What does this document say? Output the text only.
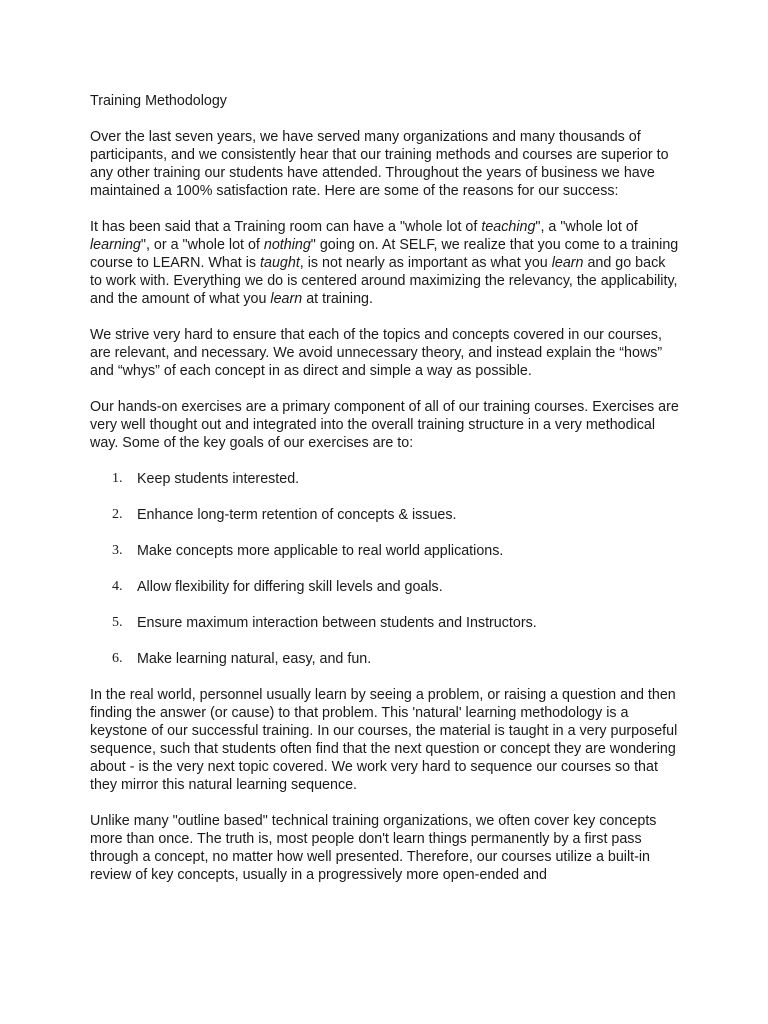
Training Methodology

Over the last seven years, we have served many organizations and many thousands of participants, and we consistently hear that our training methods and courses are superior to any other training our students have attended. Throughout the years of business we have maintained a 100% satisfaction rate. Here are some of the reasons for our success:

It has been said that a Training room can have a "whole lot of teaching", a "whole lot of learning", or a "whole lot of nothing" going on. At SELF, we realize that you come to a training course to LEARN. What is taught, is not nearly as important as what you learn and go back to work with. Everything we do is centered around maximizing the relevancy, the applicability, and the amount of what you learn at training.

We strive very hard to ensure that each of the topics and concepts covered in our courses, are relevant, and necessary. We avoid unnecessary theory, and instead explain the “hows” and “whys” of each concept in as direct and simple a way as possible.

Our hands-on exercises are a primary component of all of our training courses. Exercises are very well thought out and integrated into the overall training structure in a very methodical way. Some of the key goals of our exercises are to:

1. Keep students interested.
2. Enhance long-term retention of concepts & issues.
3. Make concepts more applicable to real world applications.
4. Allow flexibility for differing skill levels and goals.
5. Ensure maximum interaction between students and Instructors.
6. Make learning natural, easy, and fun.

In the real world, personnel usually learn by seeing a problem, or raising a question and then finding the answer (or cause) to that problem. This 'natural' learning methodology is a keystone of our successful training. In our courses, the material is taught in a very purposeful sequence, such that students often find that the next question or concept they are wondering about - is the very next topic covered. We work very hard to sequence our courses so that they mirror this natural learning sequence.

Unlike many "outline based" technical training organizations, we often cover key concepts more than once. The truth is, most people don't learn things permanently by a first pass through a concept, no matter how well presented. Therefore, our courses utilize a built-in review of key concepts, usually in a progressively more open-ended and
